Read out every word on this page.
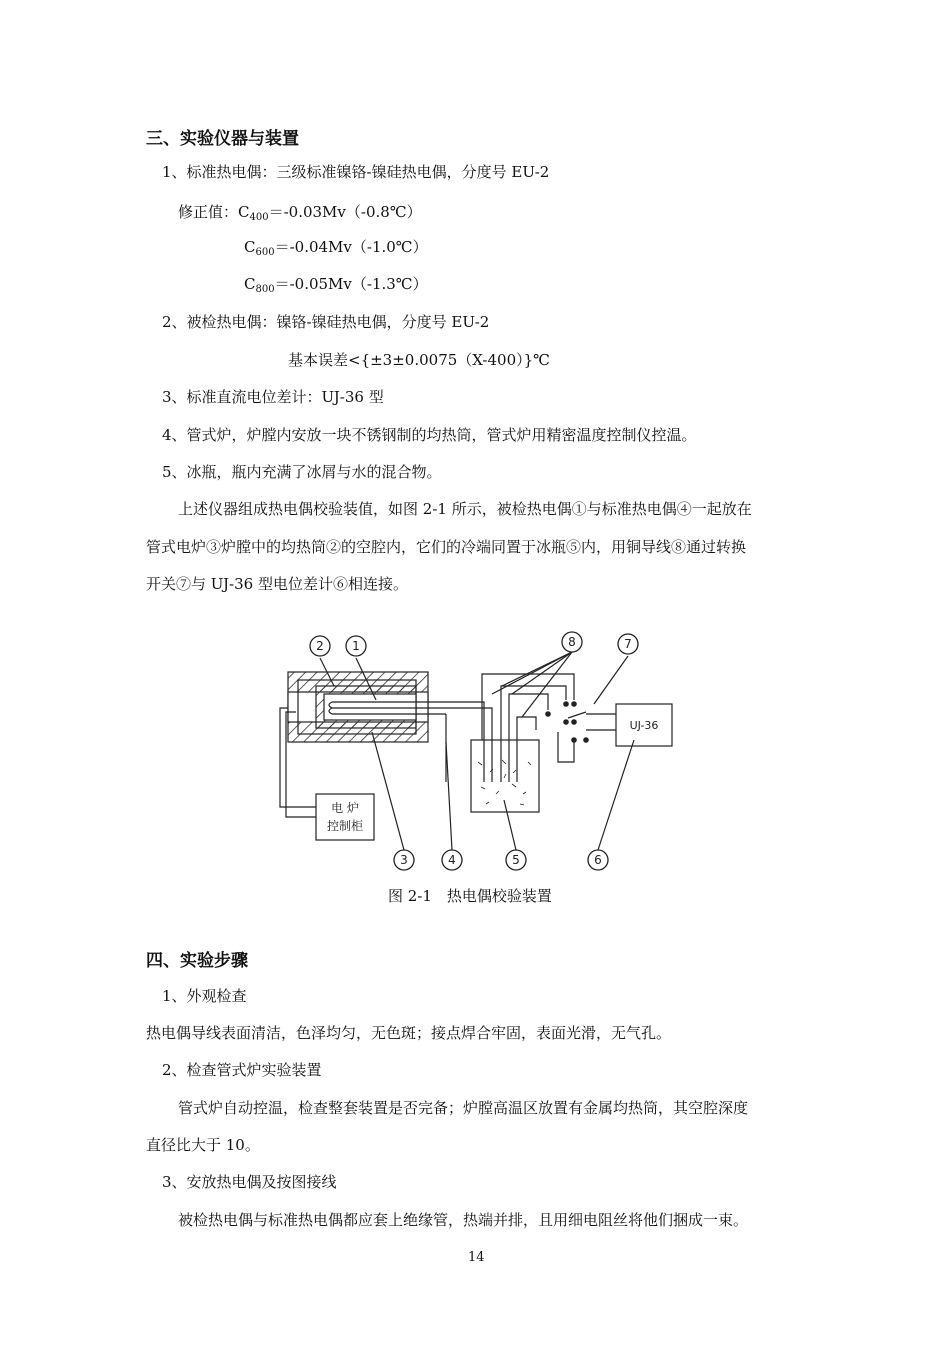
三、实验仪器与装置
1、标准热电偶：三级标准镍铬-镍硅热电偶，分度号 EU-2
修正值：$C_{400}=-0.03Mv(-0.8℃)$
$C_{600}=-0.04Mv(-1.0℃)$
$C_{800}=-0.05Mv(-1.3℃)$
2、被检热电偶：镍铬-镍硅热电偶，分度号 EU-2
基本误差<{±3±0.0075（X-400）}℃
3、标准直流电位差计：UJ-36 型
4、管式炉，炉膛内安放一块不锈钢制的均热筒，管式炉用精密温度控制仪控温。
5、冰瓶，瓶内充满了冰屑与水的混合物。
上述仪器组成热电偶校验装值，如图 2-1 所示，被检热电偶①与标准热电偶④一起放在
管式电炉③炉膛中的均热筒②的空腔内，它们的冷端同置于冰瓶⑤内，用铜导线⑧通过转换
开关⑦与 UJ-36 型电位差计⑥相连接。
2 1	8	7
3	4	5	6
UJ-36
电 炉
控制柜
图 2-1　热电偶校验装置
四、实验步骤
1、外观检查
热电偶导线表面清洁，色泽均匀，无色斑；接点焊合牢固，表面光滑，无气孔。
2、检查管式炉实验装置
管式炉自动控温，检查整套装置是否完备；炉膛高温区放置有金属均热筒，其空腔深度
直径比大于 10。
3、安放热电偶及按图接线
被检热电偶与标准热电偶都应套上绝缘管，热端并排，且用细电阻丝将他们捆成一束。
14
